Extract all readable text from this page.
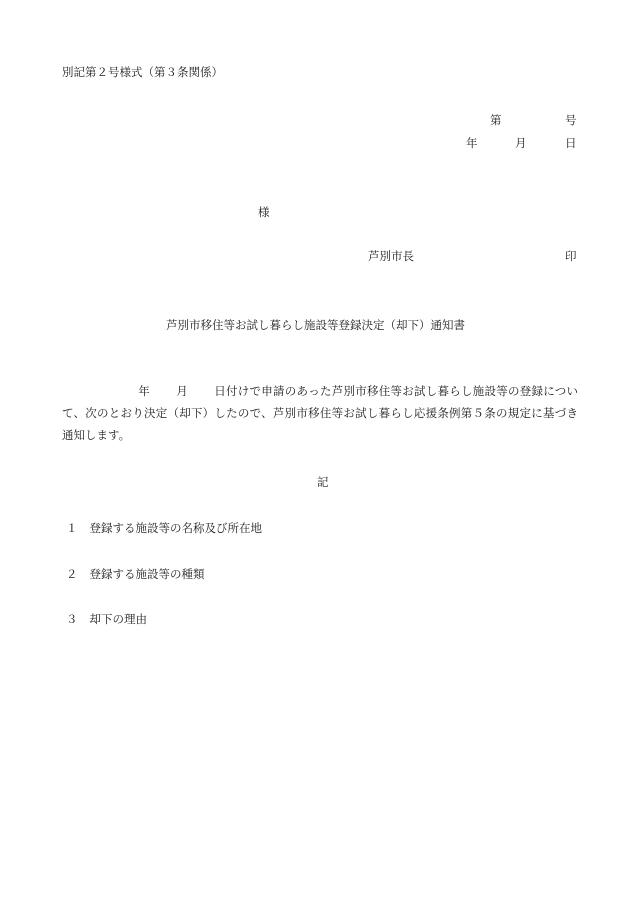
別記第２号様式（第３条関係）
第	号
年	月	日
様
芦別市長	印
芦別市移住等お試し暮らし施設等登録決定（却下）通知書
年 月 日付けで申請のあった芦別市移住等お試し暮らし施設等の登録について、次のとおり決定（却下）したので、芦別市移住等お試し暮らし応援条例第５条の規定に基づき通知します。
記
１ 登録する施設等の名称及び所在地
２ 登録する施設等の種類
３ 却下の理由
